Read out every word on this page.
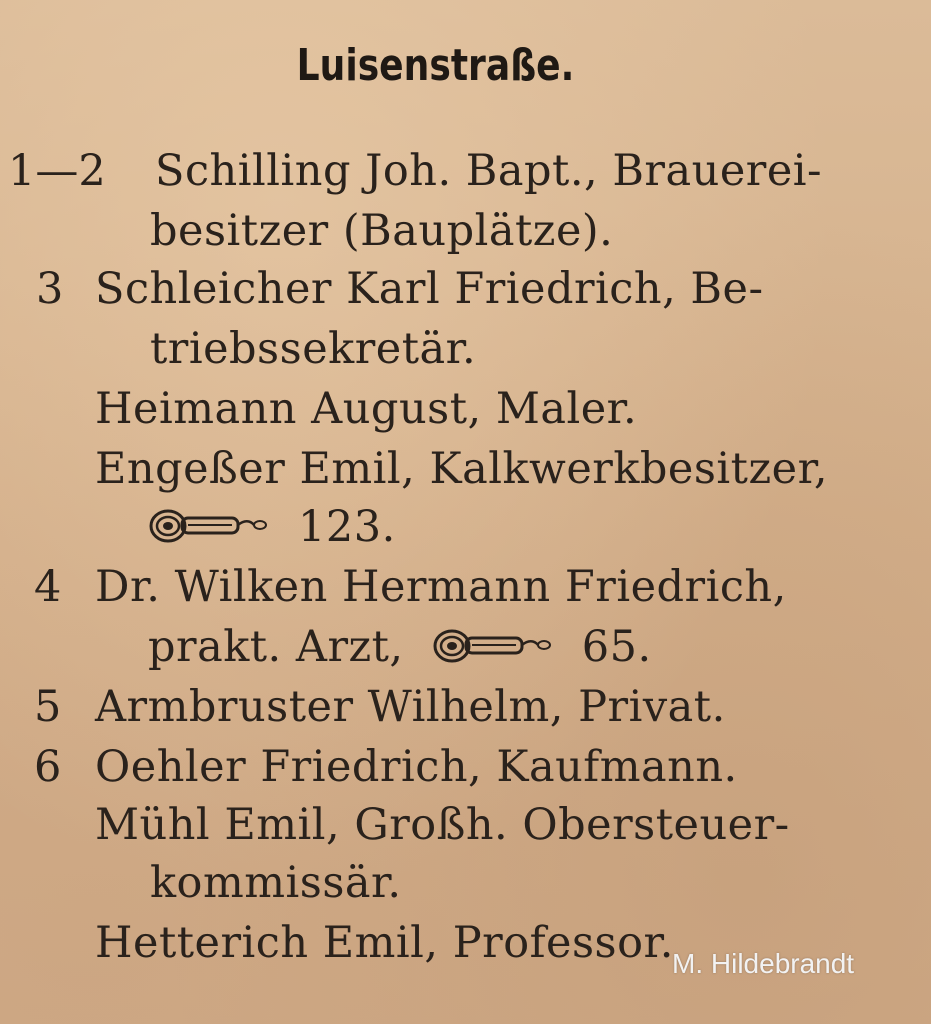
Luisenstraße.
1—2 Schilling Joh. Bapt., Brauerei-
besitzer (Bauplätze).
3 Schleicher Karl Friedrich, Be-
triebssekretär.
Heimann August, Maler.
Engeßer Emil, Kalkwerkbesitzer,
123.
4 Dr. Wilken Hermann Friedrich,
prakt. Arzt,	65.
5 Armbruster Wilhelm, Privat.
6 Oehler Friedrich, Kaufmann.
Mühl Emil, Großh. Obersteuer-
kommissär.
Hetterich Emil, Professor.
M. Hildebrandt
